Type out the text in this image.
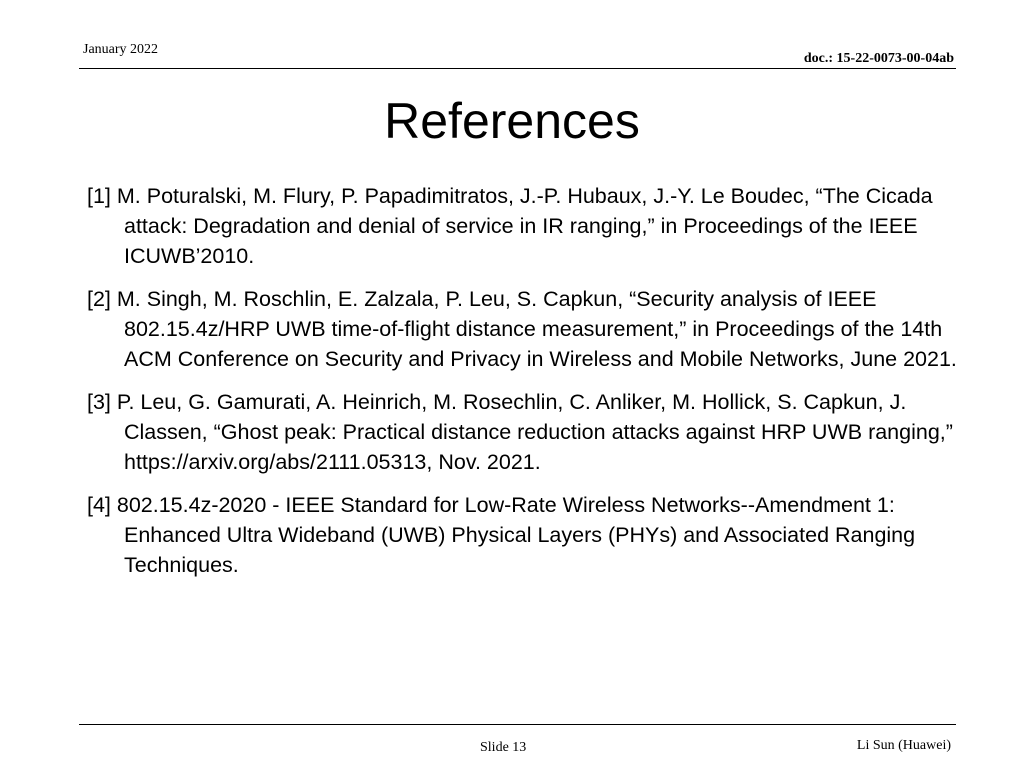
January 2022
doc.: 15-22-0073-00-04ab
References
[1] M. Poturalski, M. Flury, P. Papadimitratos, J.-P. Hubaux, J.-Y. Le Boudec, “The Cicada attack: Degradation and denial of service in IR ranging,” in Proceedings of the IEEE ICUWB’2010.
[2] M. Singh, M. Roschlin, E. Zalzala, P. Leu, S. Capkun, “Security analysis of IEEE 802.15.4z/HRP UWB time-of-flight distance measurement,” in Proceedings of the 14th ACM Conference on Security and Privacy in Wireless and Mobile Networks, June 2021.
[3] P. Leu, G. Gamurati, A. Heinrich, M. Rosechlin, C. Anliker, M. Hollick, S. Capkun, J. Classen, “Ghost peak: Practical distance reduction attacks against HRP UWB ranging,” https://arxiv.org/abs/2111.05313, Nov. 2021.
[4] 802.15.4z-2020 - IEEE Standard for Low-Rate Wireless Networks--Amendment 1: Enhanced Ultra Wideband (UWB) Physical Layers (PHYs) and Associated Ranging Techniques.
Slide 13	Li Sun (Huawei)
